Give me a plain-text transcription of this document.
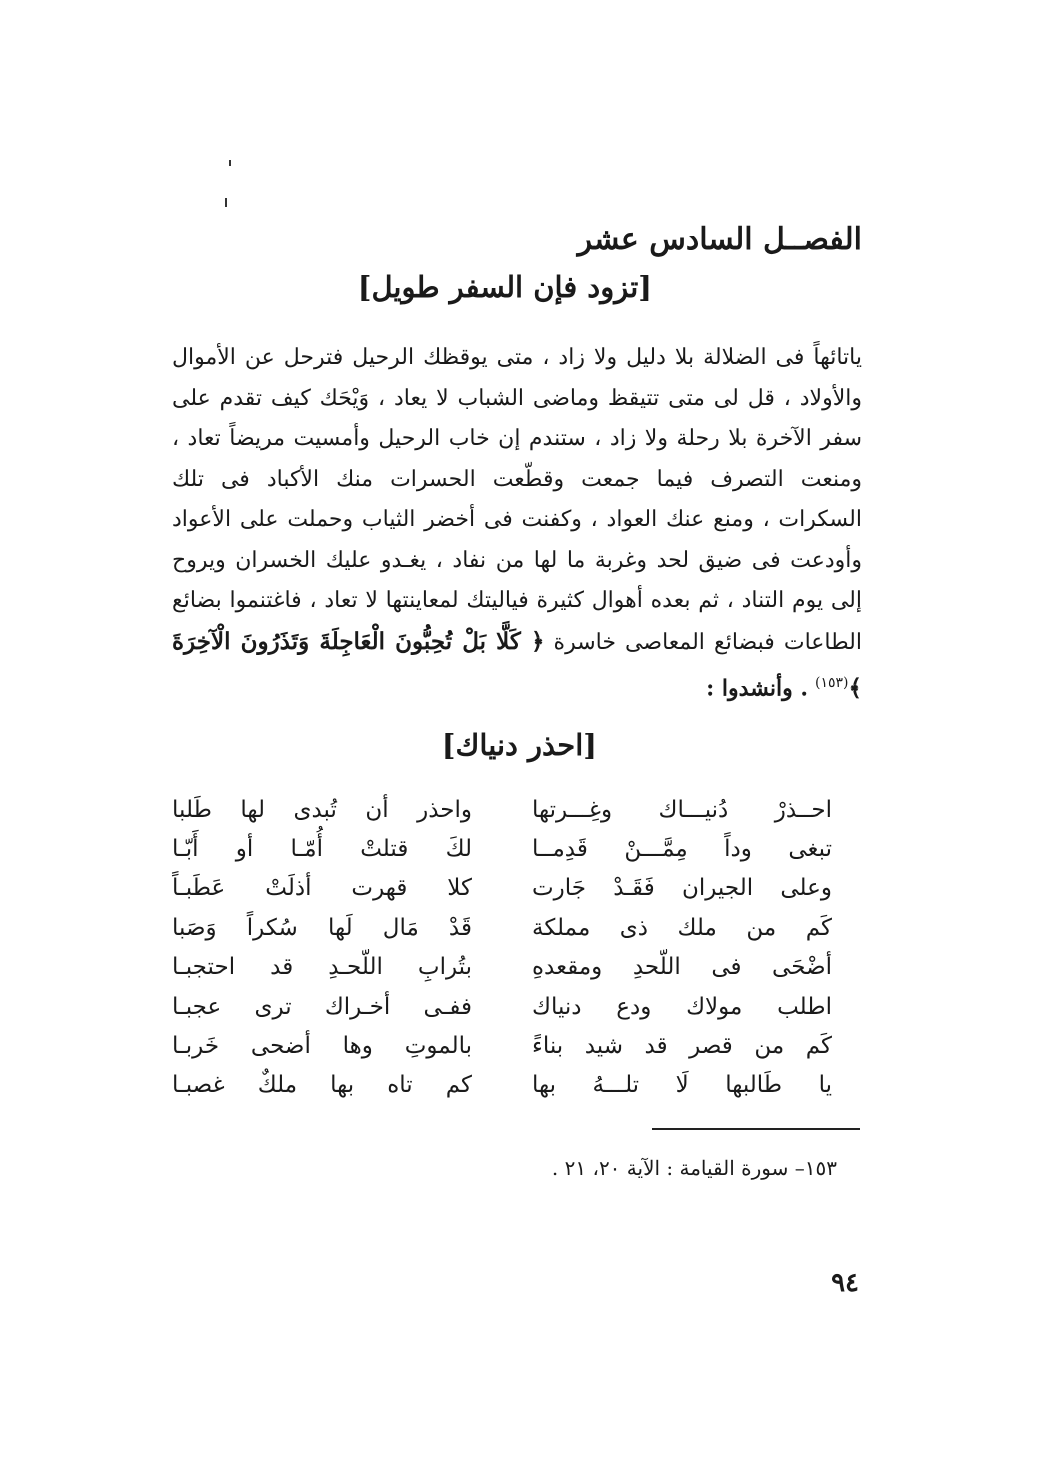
الفصــل السادس عشر
[تزود فإن السفر طويل]

ياتائهاً فى الضلالة بلا دليل ولا زاد ، متى يوقظك الرحيل فترحل عن الأموال والأولاد ، قل لى متى تتيقظ وماضى الشباب لا يعاد ، وَيْحَك كيف تقدم على سفر الآخرة بلا رحلة ولا زاد ، ستندم إن خاب الرحيل وأمسيت مريضاً تعاد ، ومنعت التصرف فيما جمعت وقطّعت الحسرات منك الأكباد فى تلك السكرات ، ومنع عنك العواد ، وكفنت فى أخضر الثياب وحملت على الأعواد وأودعت فى ضيق لحد وغربة ما لها من نفاد ، يغـدو عليك الخسران ويروح إلى يوم التناد ، ثم بعده أهوال كثيرة فياليتك لمعاينتها لا تعاد ، فاغتنموا بضائع الطاعات فبضائع المعاصى خاسرة ﴿ كَلَّا بَلْ تُحِبُّونَ الْعَاجِلَةَ وَتَذَرُونَ الْآخِرَةَ ﴾$^{(١٥٣)}$ . وأنشدوا :

[احذر دنياك]
احــذرْ دُنيـــاك وغِـــرتها
واحذر أن تُبدى لها طَلبا
تبغى وداً مِمَّـــنْ قَدِمــا
لكَ قتلتْ أُمّـا أو أَبّـا
وعلى الجيران فَقَـدْ جَارت
كلا قهرت أذلَتْ عَطَبـاً
كَم من ملك ذى مملكة
قَدْ مَال لَها سُكراً وَصَبا
أضْحَى فى اللّحدِ ومقعدهِ
بتُرابِ اللّحـدِ قد احتجبـا
اطلب مولاك ودع دنياك
ففـى أخـراك ترى عجبـا
كَم من قصر قد شيد بناءً
بالموتِ وها أضحى خَربـا
يا طَالبها لَا تلـــهُ بها
كم تاه بها ملكٌ غصبـا

١٥٣– سورة القيامة : الآية ٢٠، ٢١ .

٩٤
